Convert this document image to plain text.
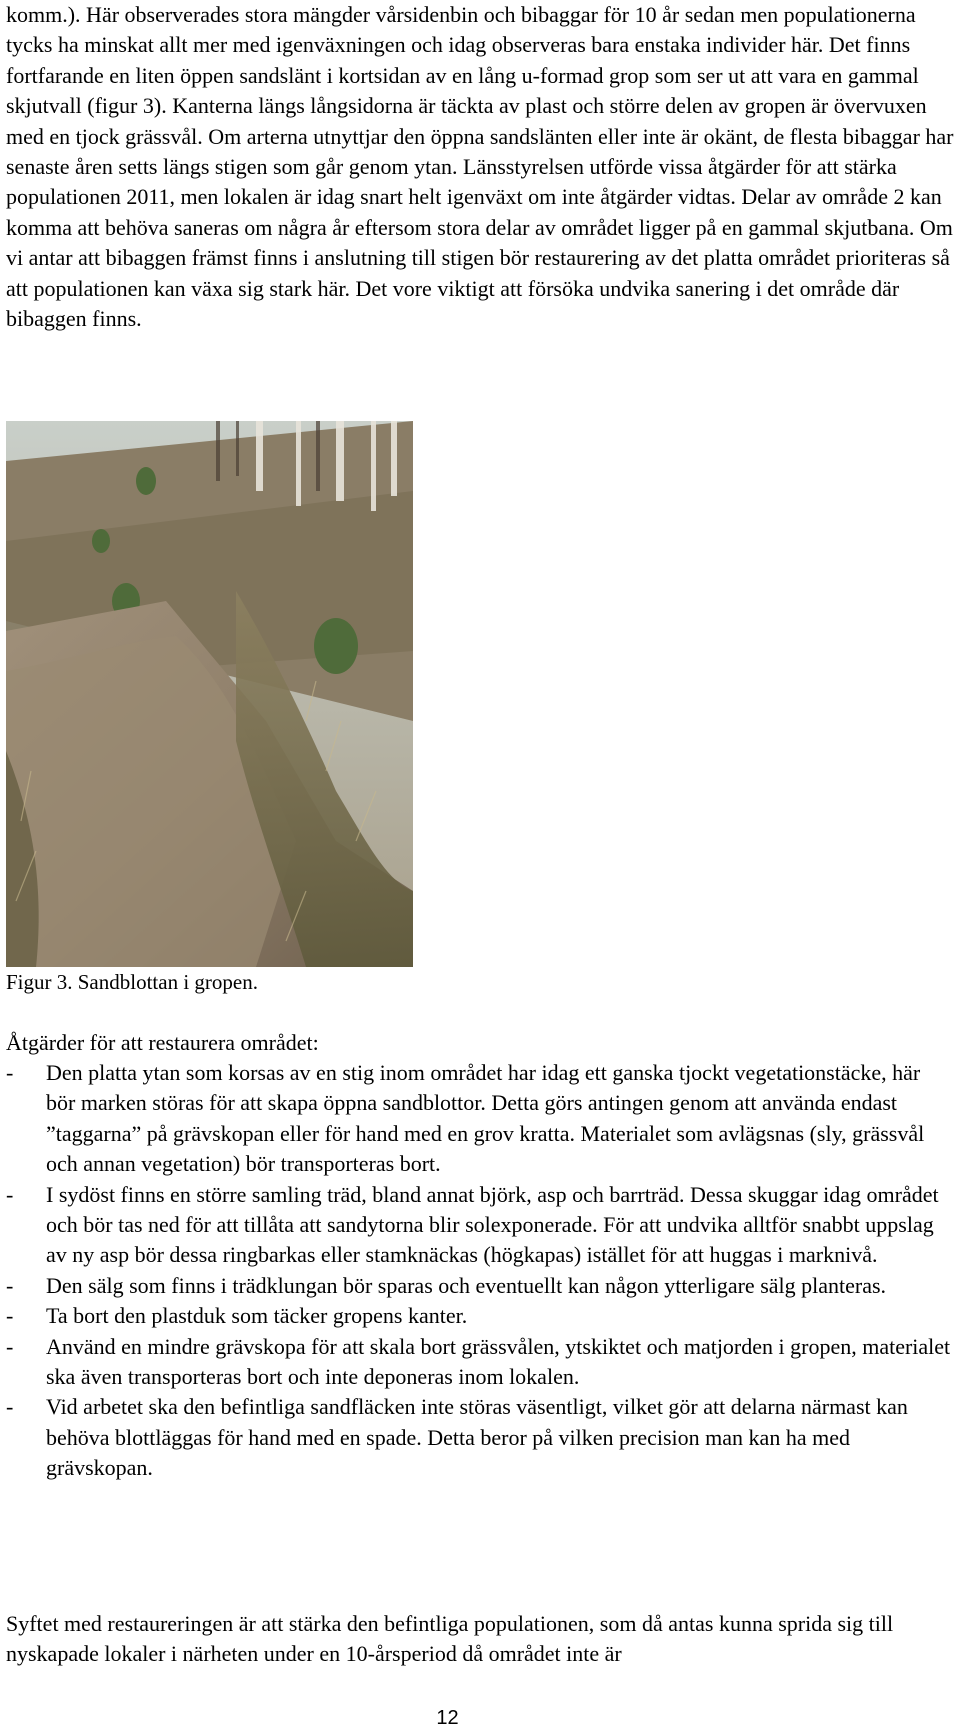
komm.). Här observerades stora mängder vårsidenbin och bibaggar för 10 år sedan men populationerna tycks ha minskat allt mer med igenväxningen och idag observeras bara enstaka individer här. Det finns fortfarande en liten öppen sandslänt i kortsidan av en lång u-formad grop som ser ut att vara en gammal skjutvall (figur 3). Kanterna längs långsidorna är täckta av plast och större delen av gropen är övervuxen med en tjock grässvål. Om arterna utnyttjar den öppna sandslänten eller inte är okänt, de flesta bibaggar har senaste åren setts längs stigen som går genom ytan. Länsstyrelsen utförde vissa åtgärder för att stärka populationen 2011, men lokalen är idag snart helt igenväxt om inte åtgärder vidtas. Delar av område 2 kan komma att behöva saneras om några år eftersom stora delar av området ligger på en gammal skjutbana. Om vi antar att bibaggen främst finns i anslutning till stigen bör restaurering av det platta området prioriteras så att populationen kan växa sig stark här. Det vore viktigt att försöka undvika sanering i det område där bibaggen finns.

Figur 3. Sandblottan i gropen.

Åtgärder för att restaurera området:

- Den platta ytan som korsas av en stig inom området har idag ett ganska tjockt vegetationstäcke, här bör marken störas för att skapa öppna sandblottor. Detta görs antingen genom att använda endast ”taggarna” på grävskopan eller för hand med en grov kratta. Materialet som avlägsnas (sly, grässvål och annan vegetation) bör transporteras bort.
- I sydöst finns en större samling träd, bland annat björk, asp och barrträd. Dessa skuggar idag området och bör tas ned för att tillåta att sandytorna blir solexponerade. För att undvika alltför snabbt uppslag av ny asp bör dessa ringbarkas eller stamknäckas (högkapas) istället för att huggas i marknivå.
- Den sälg som finns i trädklungan bör sparas och eventuellt kan någon ytterligare sälg planteras.
- Ta bort den plastduk som täcker gropens kanter.
- Använd en mindre grävskopa för att skala bort grässvålen, ytskiktet och matjorden i gropen, materialet ska även transporteras bort och inte deponeras inom lokalen.
- Vid arbetet ska den befintliga sandfläcken inte störas väsentligt, vilket gör att delarna närmast kan behöva blottläggas för hand med en spade. Detta beror på vilken precision man kan ha med grävskopan.

Syftet med restaureringen är att stärka den befintliga populationen, som då antas kunna sprida sig till nyskapade lokaler i närheten under en 10-årsperiod då området inte är

12
